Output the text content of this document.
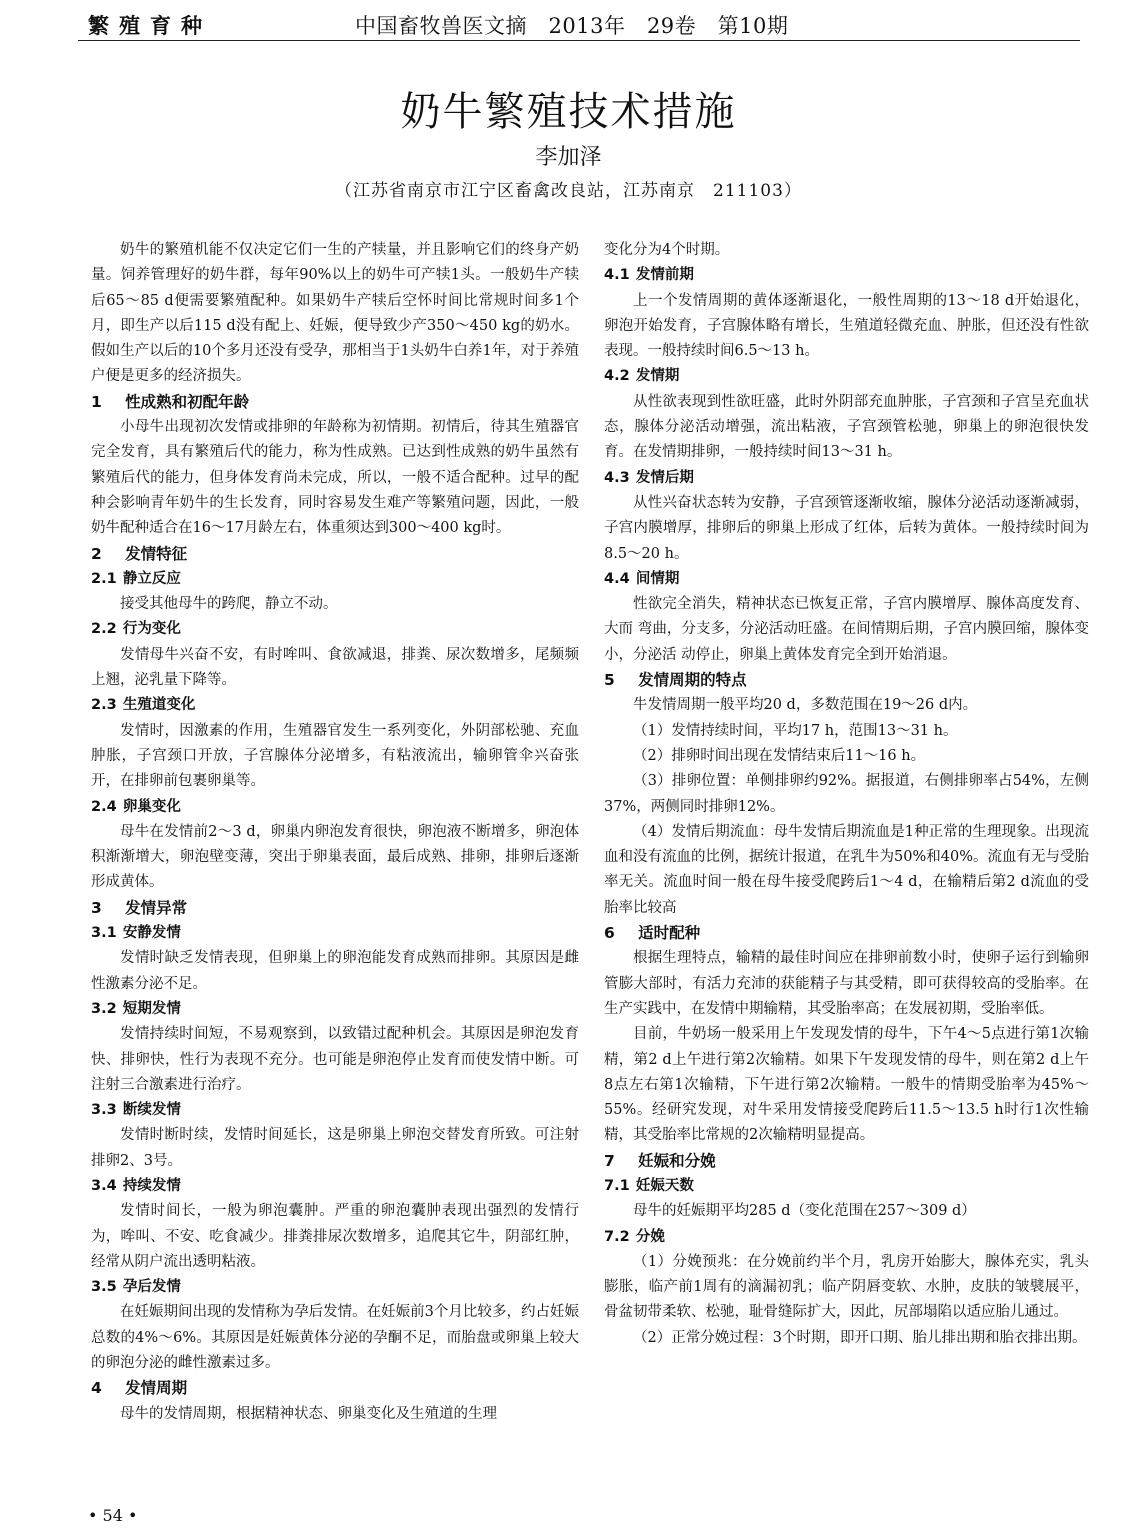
繁殖育种	中国畜牧兽医文摘　2013年　29卷　第10期
奶牛繁殖技术措施
李加泽
（江苏省南京市江宁区畜禽改良站，江苏南京　211103）

奶牛的繁殖机能不仅决定它们一生的产犊量，并且影响它们的终身产奶量。饲养管理好的奶牛群，每年90%以上的奶牛可产犊1头。一般奶牛产犊后65～85 d便需要繁殖配种。如果奶牛产犊后空怀时间比常规时间多1个月，即生产以后115 d没有配上、妊娠，便导致少产350～450 kg的奶水。假如生产以后的10个多月还没有受孕，那相当于1头奶牛白养1年，对于养殖户便是更多的经济损失。

1 性成熟和初配年龄

小母牛出现初次发情或排卵的年龄称为初情期。初情后，待其生殖器官完全发育，具有繁殖后代的能力，称为性成熟。已达到性成熟的奶牛虽然有繁殖后代的能力，但身体发育尚未完成，所以，一般不适合配种。过早的配种会影响青年奶牛的生长发育，同时容易发生难产等繁殖问题，因此，一般奶牛配种适合在16～17月龄左右，体重须达到300～400 kg时。

2 发情特征
2.1 静立反应

接受其他母牛的跨爬，静立不动。

2.2 行为变化

发情母牛兴奋不安，有时哞叫、食欲减退，排粪、尿次数增多，尾频频上翘，泌乳量下降等。

2.3 生殖道变化

发情时，因激素的作用，生殖器官发生一系列变化，外阴部松驰、充血肿胀，子宫颈口开放，子宫腺体分泌增多，有粘液流出，输卵管伞兴奋张开，在排卵前包裹卵巢等。

2.4 卵巢变化

母牛在发情前2～3 d，卵巢内卵泡发育很快，卵泡液不断增多，卵泡体积渐渐增大，卵泡壁变薄，突出于卵巢表面，最后成熟、排卵，排卵后逐渐形成黄体。

3 发情异常
3.1 安静发情

发情时缺乏发情表现，但卵巢上的卵泡能发育成熟而排卵。其原因是雌性激素分泌不足。

3.2 短期发情

发情持续时间短，不易观察到，以致错过配种机会。其原因是卵泡发育快、排卵快，性行为表现不充分。也可能是卵泡停止发育而使发情中断。可注射三合激素进行治疗。

3.3 断续发情

发情时断时续，发情时间延长，这是卵巢上卵泡交替发育所致。可注射排卵2、3号。

3.4 持续发情

发情时间长，一般为卵泡囊肿。严重的卵泡囊肿表现出强烈的发情行为，哞叫、不安、吃食减少。排粪排尿次数增多，追爬其它牛，阴部红肿，经常从阴户流出透明粘液。

3.5 孕后发情

在妊娠期间出现的发情称为孕后发情。在妊娠前3个月比较多，约占妊娠总数的4%～6%。其原因是妊娠黄体分泌的孕酮不足，而胎盘或卵巢上较大的卵泡分泌的雌性激素过多。

4 发情周期

母牛的发情周期，根据精神状态、卵巢变化及生殖道的生理

变化分为4个时期。

4.1 发情前期

上一个发情周期的黄体逐渐退化，一般性周期的13～18 d开始退化，卵泡开始发育，子宫腺体略有增长，生殖道轻微充血、肿胀，但还没有性欲表现。一般持续时间6.5～13 h。

4.2 发情期

从性欲表现到性欲旺盛，此时外阴部充血肿胀，子宫颈和子宫呈充血状态，腺体分泌活动增强，流出粘液，子宫颈管松驰，卵巢上的卵泡很快发育。在发情期排卵，一般持续时间13～31 h。

4.3 发情后期

从性兴奋状态转为安静，子宫颈管逐渐收缩，腺体分泌活动逐渐减弱，子宫内膜增厚，排卵后的卵巢上形成了红体，后转为黄体。一般持续时间为8.5～20 h。

4.4 间情期

性欲完全消失，精神状态已恢复正常，子宫内膜增厚、腺体高度发育、大而 弯曲，分支多，分泌活动旺盛。在间情期后期，子宫内膜回缩，腺体变小，分泌活 动停止，卵巢上黄体发育完全到开始消退。

5 发情周期的特点

牛发情周期一般平均20 d，多数范围在19～26 d内。

（1）发情持续时间，平均17 h，范围13～31 h。

（2）排卵时间出现在发情结束后11～16 h。

（3）排卵位置：单侧排卵约92%。据报道，右侧排卵率占54%，左侧 37%，两侧同时排卵12%。

（4）发情后期流血：母牛发情后期流血是1种正常的生理现象。出现流血和没有流血的比例，据统计报道，在乳牛为50%和40%。流血有无与受胎率无关。流血时间一般在母牛接受爬跨后1～4 d，在输精后第2 d流血的受胎率比较高

6 适时配种

根据生理特点，输精的最佳时间应在排卵前数小时，使卵子运行到输卵管膨大部时，有活力充沛的获能精子与其受精，即可获得较高的受胎率。在生产实践中，在发情中期输精，其受胎率高；在发展初期，受胎率低。

目前，牛奶场一般采用上午发现发情的母牛，下午4～5点进行第1次输精，第2 d上午进行第2次输精。如果下午发现发情的母牛，则在第2 d上午8点左右第1次输精，下午进行第2次输精。一般牛的情期受胎率为45%～55%。经研究发现，对牛采用发情接受爬跨后11.5～13.5 h时行1次性输精，其受胎率比常规的2次输精明显提高。

7 妊娠和分娩
7.1 妊娠天数

母牛的妊娠期平均285 d（变化范围在257～309 d）

7.2 分娩

（1）分娩预兆：在分娩前约半个月，乳房开始膨大，腺体充实，乳头膨胀，临产前1周有的滴漏初乳；临产阴唇变软、水肿，皮肤的皱襞展平，骨盆韧带柔软、松驰，耻骨缝际扩大，因此，尻部塌陷以适应胎儿通过。

（2）正常分娩过程：3个时期，即开口期、胎儿排出期和胎衣排出期。

• 54 •
